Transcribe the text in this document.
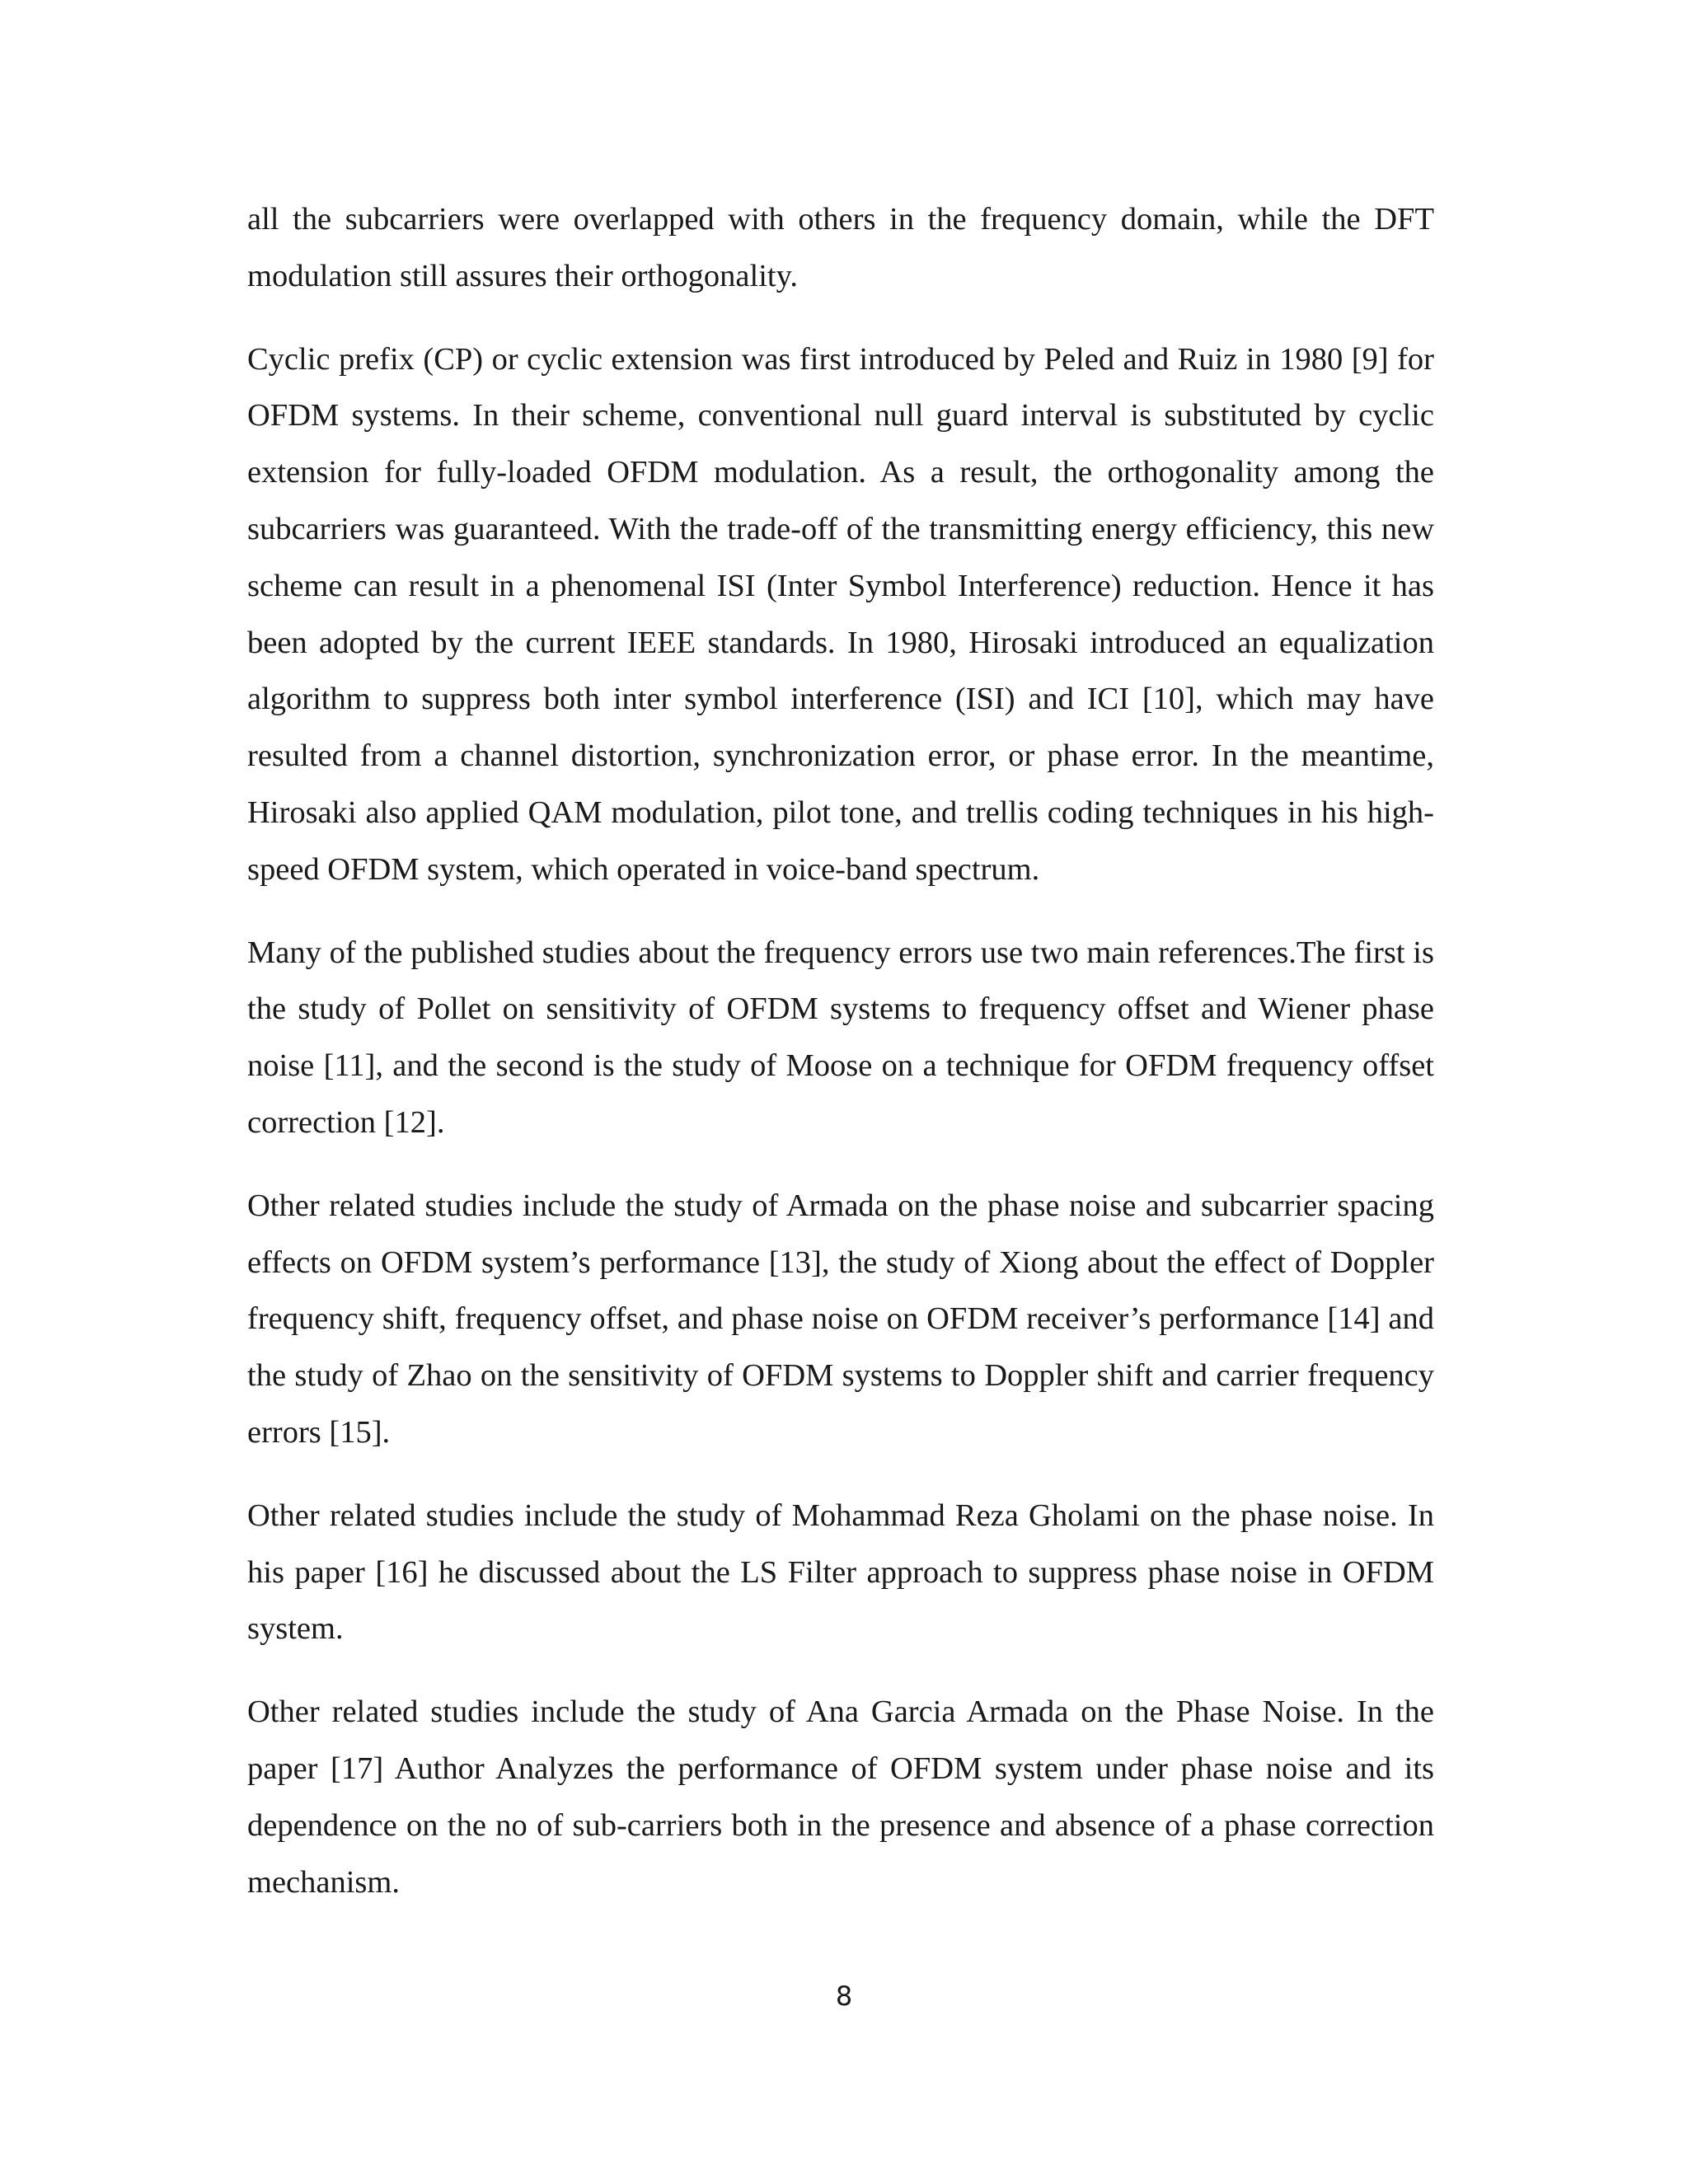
all the subcarriers were overlapped with others in the frequency domain, while the DFT modulation still assures their orthogonality.

Cyclic prefix (CP) or cyclic extension was first introduced by Peled and Ruiz in 1980 [9] for OFDM systems. In their scheme, conventional null guard interval is substituted by cyclic extension for fully-loaded OFDM modulation. As a result, the orthogonality among the subcarriers was guaranteed. With the trade-off of the transmitting energy efficiency, this new scheme can result in a phenomenal ISI (Inter Symbol Interference) reduction. Hence it has been adopted by the current IEEE standards. In 1980, Hirosaki introduced an equalization algorithm to suppress both inter symbol interference (ISI) and ICI [10], which may have resulted from a channel distortion, synchronization error, or phase error. In the meantime, Hirosaki also applied QAM modulation, pilot tone, and trellis coding techniques in his high-speed OFDM system, which operated in voice-band spectrum.

Many of the published studies about the frequency errors use two main references.The first is the study of Pollet on sensitivity of OFDM systems to frequency offset and Wiener phase noise [11], and the second is the study of Moose on a technique for OFDM frequency offset correction [12].

Other related studies include the study of Armada on the phase noise and subcarrier spacing effects on OFDM system’s performance [13], the study of Xiong about the effect of Doppler frequency shift, frequency offset, and phase noise on OFDM receiver’s performance [14] and the study of Zhao on the sensitivity of OFDM systems to Doppler shift and carrier frequency errors [15].

Other related studies include the study of Mohammad Reza Gholami on the phase noise. In his paper [16] he discussed about the LS Filter approach to suppress phase noise in OFDM system.

Other related studies include the study of Ana Garcia Armada on the Phase Noise. In the paper [17] Author Analyzes the performance of OFDM system under phase noise and its dependence on the no of sub-carriers both in the presence and absence of a phase correction mechanism.

8
